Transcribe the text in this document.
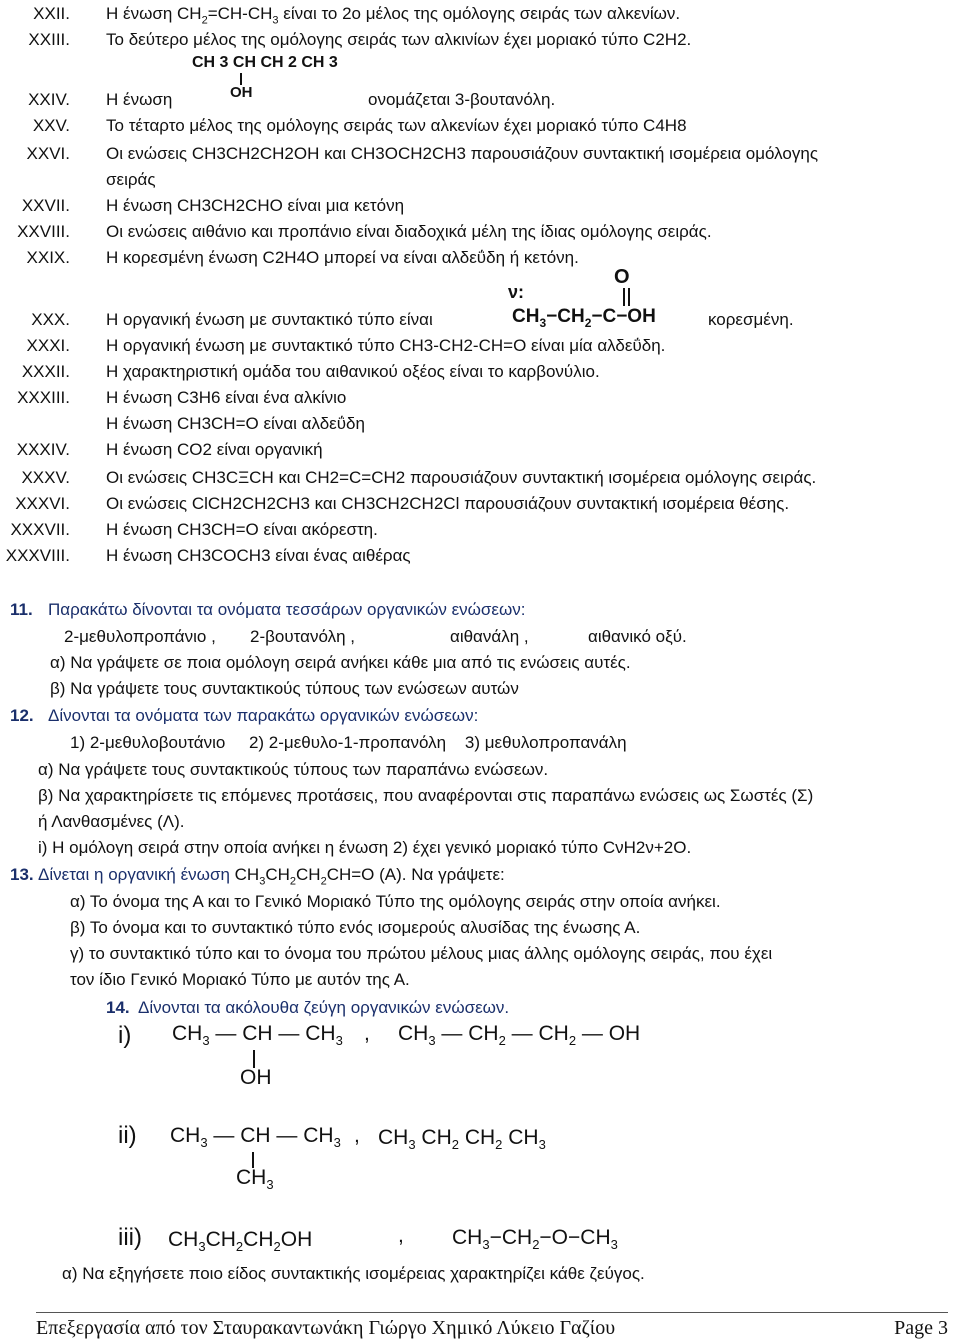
XXII. Η ένωση $CH_2=CH-CH_3$ είναι το 2ο μέλος της ομόλογης σειράς των αλκενίων.
XXIII. Το δεύτερο μέλος της ομόλογης σειράς των αλκινίων έχει μοριακό τύπο C2H2.
CH 3 CH CH 2 CH 3
OH
XXIV. Η ένωση	ονομάζεται 3-βουτανόλη.
XXV. Το τέταρτο μέλος της ομόλογης σειράς των αλκενίων έχει μοριακό τύπο C4H8
XXVI. Οι ενώσεις CH3CH2CH2OH και CH3OCH2CH3 παρουσιάζουν συντακτική ισομέρεια ομόλογης
σειράς
XXVII. Η ένωση CH3CH2CHO είναι μια κετόνη
XXVIII. Οι ενώσεις αιθάνιο και προπάνιο είναι διαδοχικά μέλη της ίδιας ομόλογης σειράς.
XXIX. Η κορεσμένη ένωση C2H4O μπορεί να είναι αλδεΰδη ή κετόνη.
O
ν:
$CH_3-CH_2-C-OH$
XXX. Η οργανική ένωση με συντακτικό τύπο είναι	κορεσμένη.
XXXI. Η οργανική ένωση με συντακτικό τύπο CH3-CH2-CH=O είναι μία αλδεΰδη.
XXXII. Η χαρακτηριστική ομάδα του αιθανικού οξέος είναι το καρβονύλιο.
XXXIII. Η ένωση C3H6 είναι ένα αλκίνιο
Η ένωση CH3CH=O είναι αλδεΰδη
XXXIV. Η ένωση CO2 είναι οργανική
XXXV. Οι ενώσεις CH3CΞCH και CH2=C=CH2 παρουσιάζουν συντακτική ισομέρεια ομόλογης σειράς.
XXXVI. Οι ενώσεις ClCH2CH2CH3 και CH3CH2CH2Cl παρουσιάζουν συντακτική ισομέρεια θέσης.
XXXVII. Η ένωση CH3CH=O είναι ακόρεστη.
XXXVIII. Η ένωση CH3COCH3 είναι ένας αιθέρας
11. Παρακάτω δίνονται τα ονόματα τεσσάρων οργανικών ενώσεων:
2-μεθυλοπροπάνιο , 2-βουτανόλη ,	αιθανάλη ,	αιθανικό οξύ.
α) Να γράψετε σε ποια ομόλογη σειρά ανήκει κάθε μια από τις ενώσεις αυτές.
β) Να γράψετε τους συντακτικούς τύπους των ενώσεων αυτών
12. Δίνονται τα ονόματα των παρακάτω οργανικών ενώσεων:
1) 2-μεθυλοβουτάνιο     2) 2-μεθυλο-1-προπανόλη    3) μεθυλοπροπανάλη
α) Να γράψετε τους συντακτικούς τύπους των παραπάνω ενώσεων.
β) Να χαρακτηρίσετε τις επόμενες προτάσεις, που αναφέρονται στις παραπάνω ενώσεις ως Σωστές (Σ)
ή Λανθασμένες (Λ).
i) Η ομόλογη σειρά στην οποία ανήκει η ένωση 2) έχει γενικό μοριακό τύπο CνH2ν+2O.
13. Δίνεται η οργανική ένωση $CH_3CH_2CH_2CH=O$ (Α). Να γράψετε:
α) Το όνομα της Α και το Γενικό Μοριακό Τύπο της ομόλογης σειράς στην οποία ανήκει.
β) Το όνομα και το συντακτικό τύπο ενός ισομερούς αλυσίδας της ένωσης Α.
γ) το συντακτικό τύπο και το όνομα του πρώτου μέλους μιας άλλης ομόλογης σειράς, που έχει
τον ίδιο Γενικό Μοριακό Τύπο με αυτόν της Α.
14. Δίνονται τα ακόλουθα ζεύγη οργανικών ενώσεων.
i) $CH_3$ — CH — $CH_3$
OH
, $CH_3$ — $CH_2$ — $CH_2$ — OH
ii) $CH_3$ — CH — $CH_3$
$CH_3$
, $CH_3$ $CH_2$ $CH_2$ $CH_3$
iii) $CH_3CH_2CH_2OH$	, $CH_3-CH_2-O-CH_3$
α) Να εξηγήσετε ποιο είδος συντακτικής ισομέρειας χαρακτηρίζει κάθε ζεύγος.
Επεξεργασία από τον Σταυρακαντωνάκη Γιώργο Χημικό Λύκειο Γαζίου	Page 3
